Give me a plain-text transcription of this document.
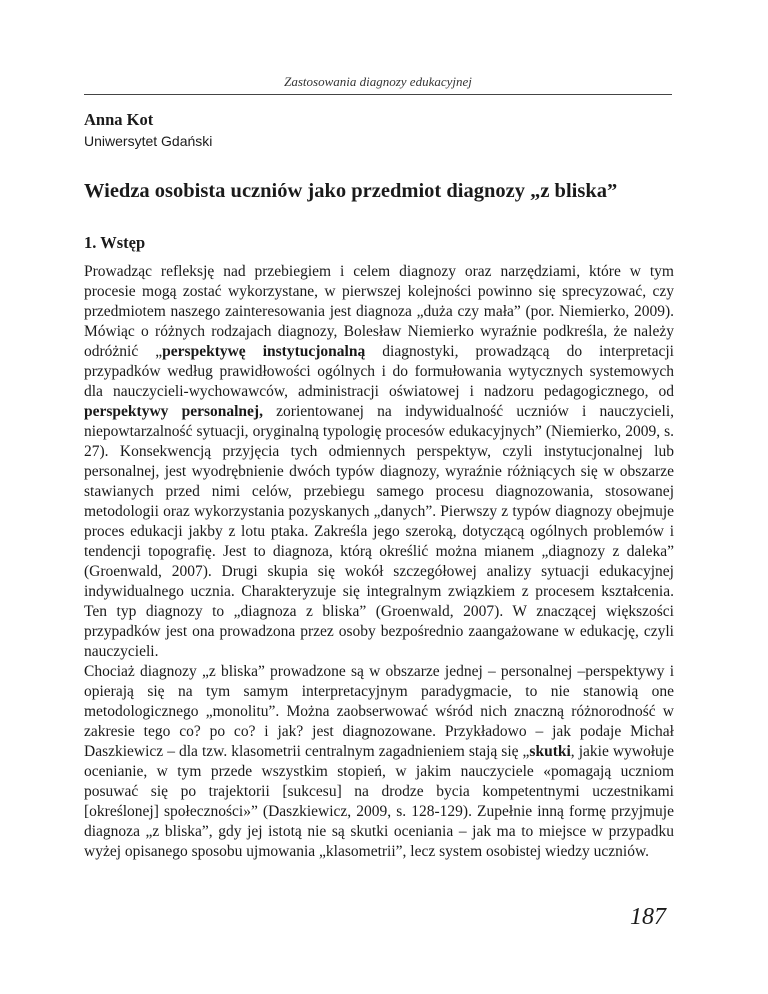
Zastosowania diagnozy edukacyjnej
Anna Kot
Uniwersytet Gdański
Wiedza osobista uczniów jako przedmiot diagnozy „z bliska”
1. Wstęp

Prowadząc refleksję nad przebiegiem i celem diagnozy oraz narzędziami, które w tym procesie mogą zostać wykorzystane, w pierwszej kolejności powinno się sprecyzować, czy przedmiotem naszego zainteresowania jest diagnoza „duża czy mała” (por. Niemierko, 2009). Mówiąc o różnych rodzajach diagnozy, Bolesław Niemierko wyraźnie podkreśla, że należy odróżnić „perspektywę instytucjonalną diagnostyki, prowadzącą do interpretacji przypadków według prawidłowości ogólnych i do formułowania wytycznych systemowych dla nauczycieli-wychowawców, administracji oświatowej i nadzoru pedagogicznego, od perspektywy personalnej, zorientowanej na indywidualność uczniów i nauczycieli, niepowtarzalność sytuacji, oryginalną typologię procesów edukacyjnych” (Niemierko, 2009, s. 27). Konsekwencją przyjęcia tych odmiennych perspektyw, czyli instytucjonalnej lub personalnej, jest wyodrębnienie dwóch typów diagnozy, wyraźnie różniących się w obszarze stawianych przed nimi celów, przebiegu samego procesu diagnozowania, stosowanej metodologii oraz wykorzystania pozyskanych „danych”. Pierwszy z typów diagnozy obejmuje proces edukacji jakby z lotu ptaka. Zakreśla jego szeroką, dotyczącą ogólnych problemów i tendencji topografię. Jest to diagnoza, którą określić można mianem „diagnozy z daleka” (Groenwald, 2007). Drugi skupia się wokół szczegółowej analizy sytuacji edukacyjnej indywidualnego ucznia. Charakteryzuje się integralnym związkiem z procesem kształcenia. Ten typ diagnozy to „diagnoza z bliska” (Groenwald, 2007). W znaczącej większości przypadków jest ona prowadzona przez osoby bezpośrednio zaangażowane w edukację, czyli nauczycieli.

Chociaż diagnozy „z bliska” prowadzone są w obszarze jednej – personalnej –perspektywy i opierają się na tym samym interpretacyjnym paradygmacie, to nie stanowią one metodologicznego „monolitu”. Można zaobserwować wśród nich znaczną różnorodność w zakresie tego co? po co? i jak? jest diagnozowane. Przykładowo – jak podaje Michał Daszkiewicz – dla tzw. klasometrii centralnym zagadnieniem stają się „skutki, jakie wywołuje ocenianie, w tym przede wszystkim stopień, w jakim nauczyciele «pomagają uczniom posuwać się po trajektorii [sukcesu] na drodze bycia kompetentnymi uczestnikami [określonej] społeczności»” (Daszkiewicz, 2009, s. 128-129). Zupełnie inną formę przyjmuje diagnoza „z bliska”, gdy jej istotą nie są skutki oceniania – jak ma to miejsce w przypadku wyżej opisanego sposobu ujmowania „klasometrii”, lecz system osobistej wiedzy uczniów.

187
